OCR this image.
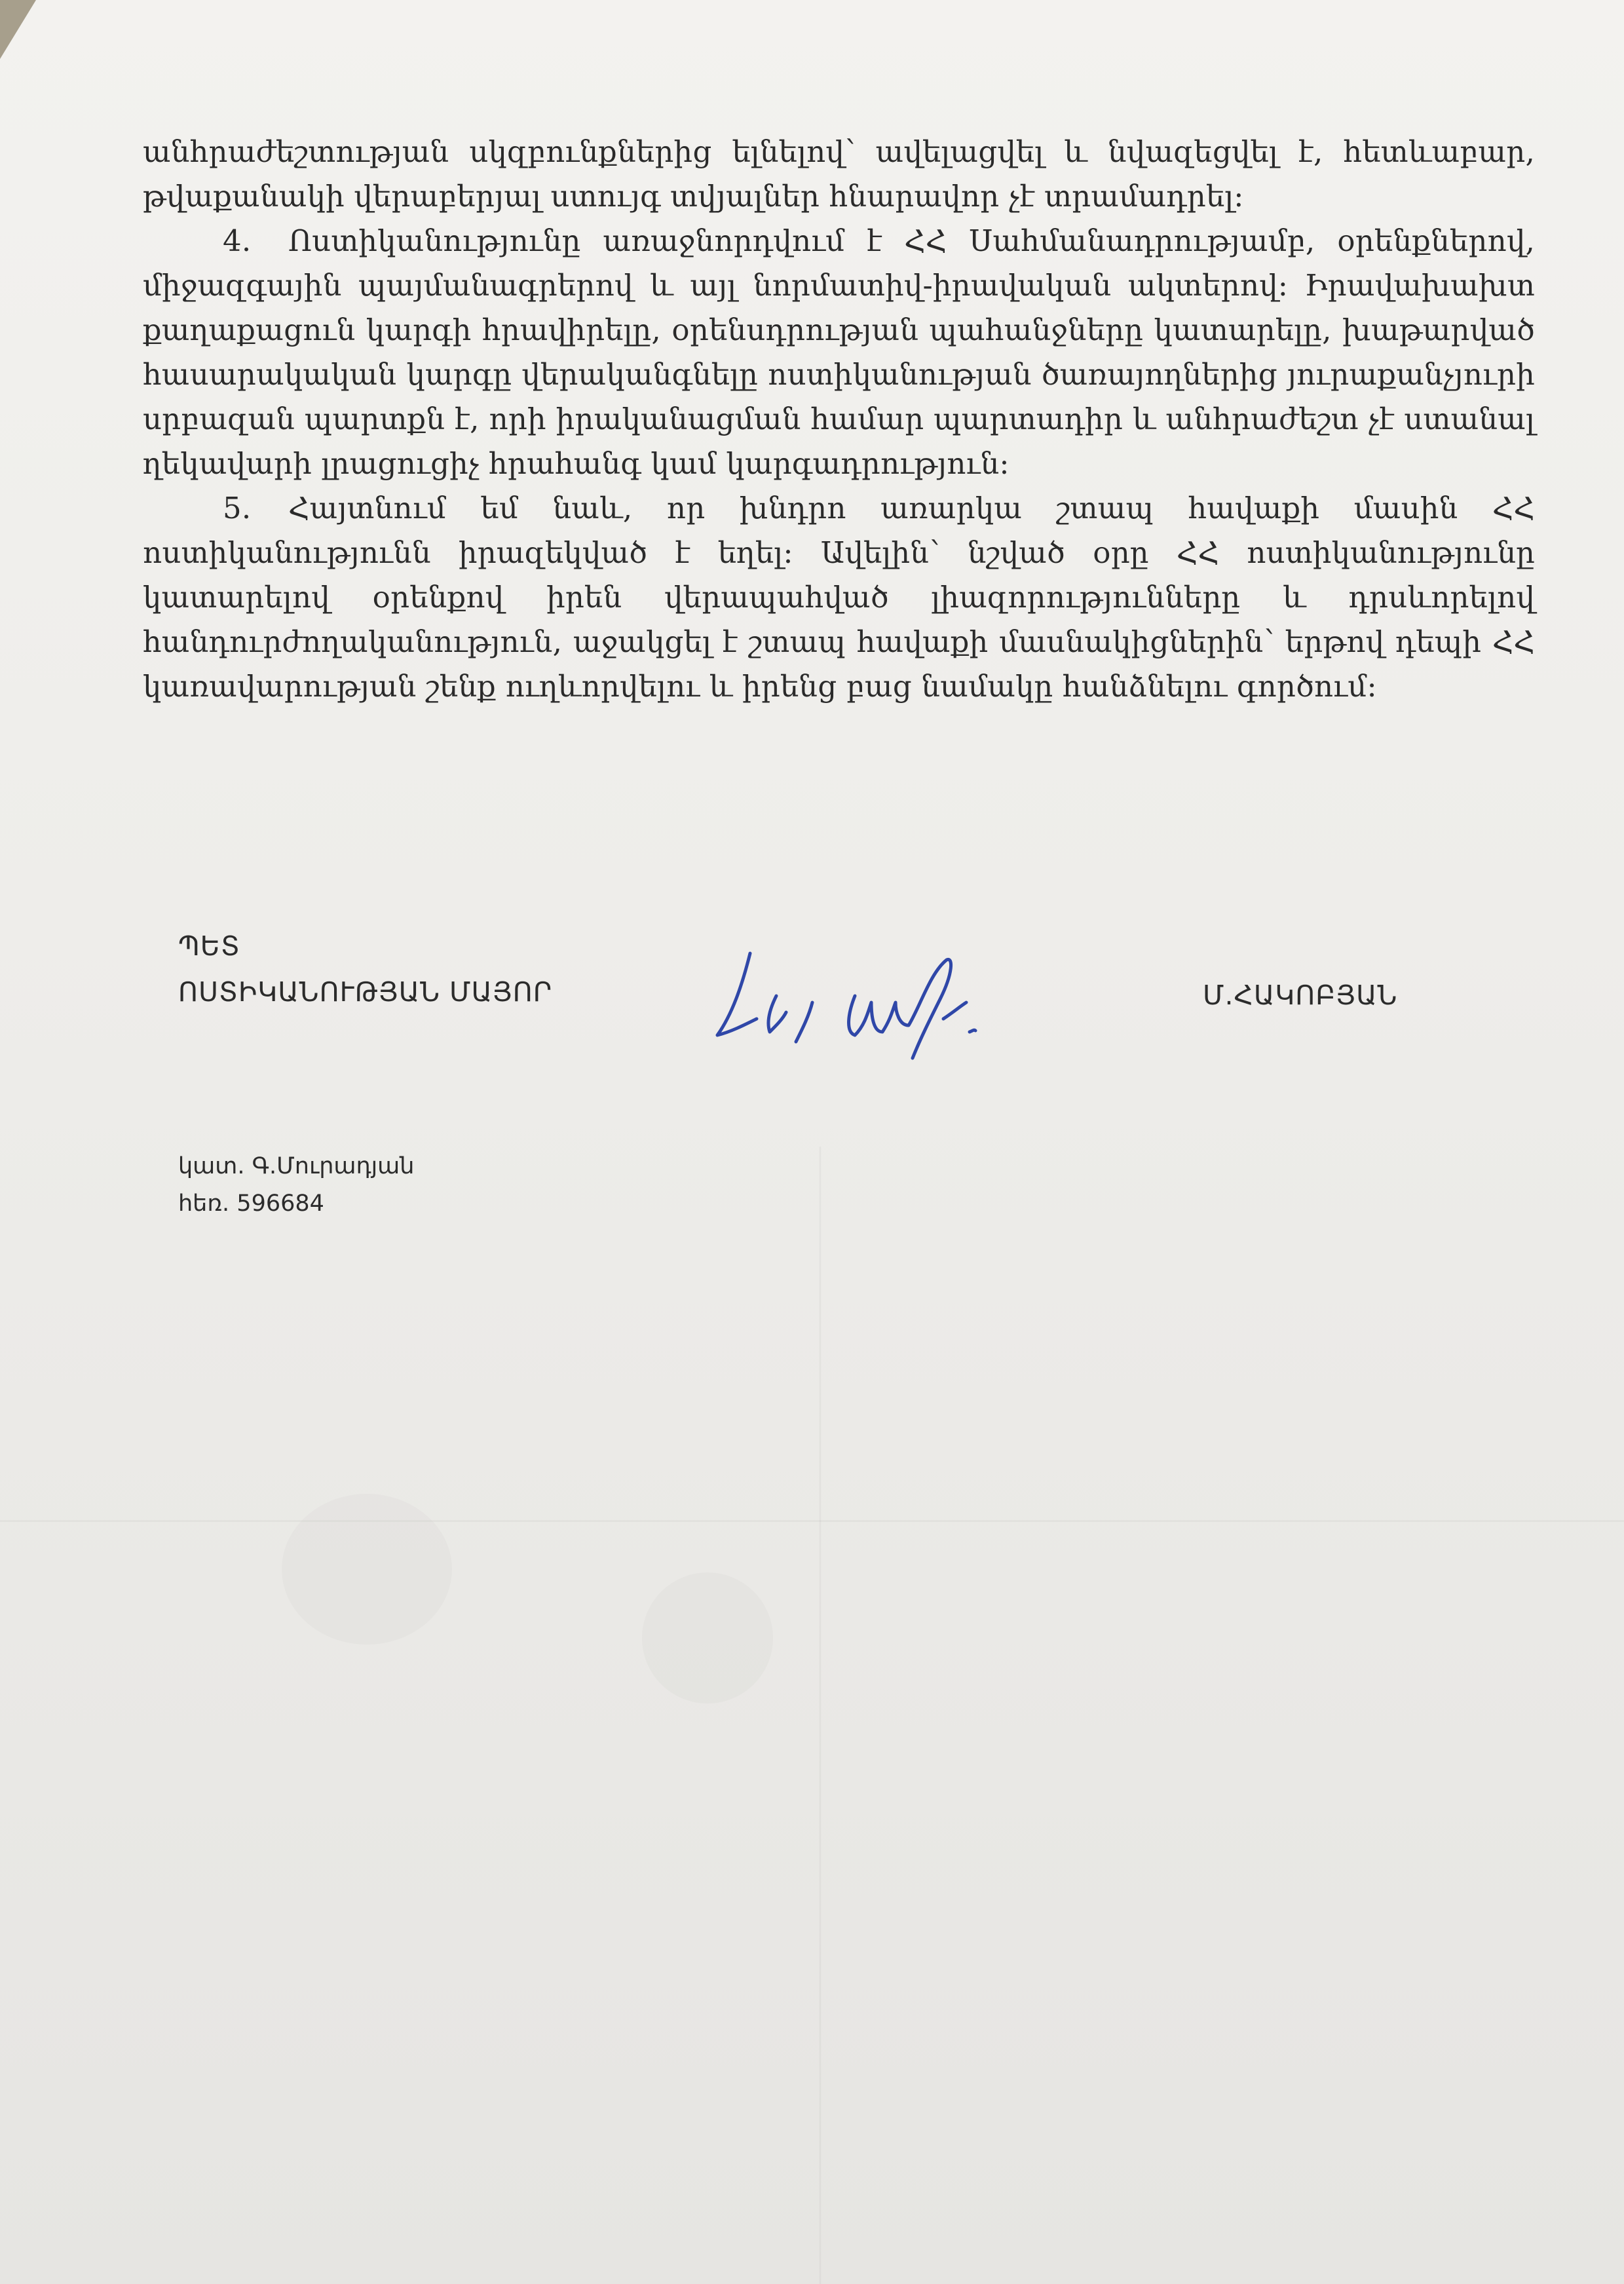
անհրաժեշտության սկզբունքներից ելնելով՝ ավելացվել և նվազեցվել է, հետևաբար, թվաքանակի վերաբերյալ ստույգ տվյալներ հնարավոր չէ տրամադրել:

4. Ոստիկանությունը առաջնորդվում է ՀՀ Սահմանադրությամբ, օրենքներով, միջազգային պայմանագրերով և այլ նորմատիվ-իրավական ակտերով: Իրավախախտ քաղաքացուն կարգի հրավիրելը, օրենսդրության պահանջները կատարելը, խաթարված հասարակական կարգը վերականգնելը ոստիկանության ծառայողներից յուրաքանչյուրի սրբազան պարտքն է, որի իրականացման համար պարտադիր և անհրաժեշտ չէ ստանալ ղեկավարի լրացուցիչ հրահանգ կամ կարգադրություն:

5. Հայտնում եմ նաև, որ խնդրո առարկա շտապ հավաքի մասին ՀՀ ոստիկանությունն իրազեկված է եղել: Ավելին՝ նշված օրը ՀՀ ոստիկանությունը կատարելով օրենքով իրեն վերապահված լիազորությունները և դրսևորելով հանդուրժողականություն, աջակցել է շտապ հավաքի մասնակիցներին՝ երթով դեպի ՀՀ կառավարության շենք ուղևորվելու և իրենց բաց նամակը հանձնելու գործում:

ՊԵՏ
ՈՍՏԻԿԱՆՈՒԹՅԱՆ ՄԱՅՈՐ	Մ.ՀԱԿՈԲՅԱՆ
կատ. Գ.Մուրադյան
հեռ. 596684
